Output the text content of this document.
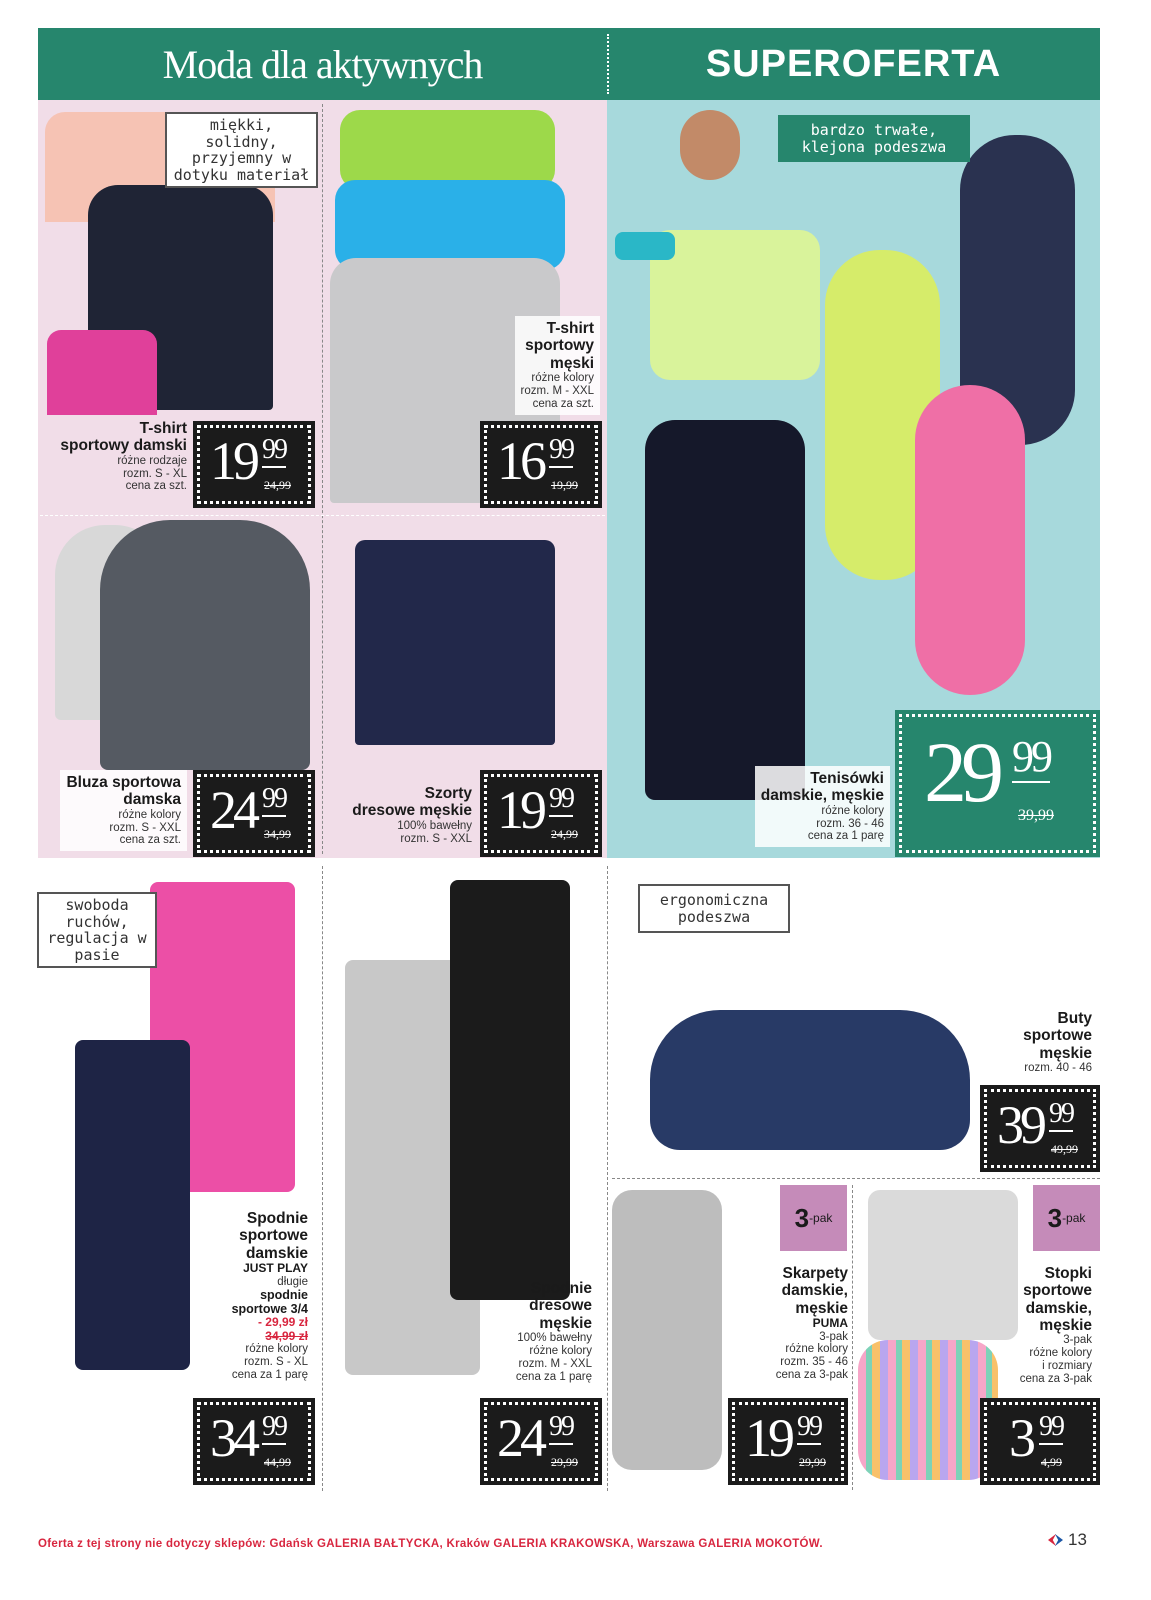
Moda dla aktywnych	SUPEROFERTA
miękki, solidny, przyjemny w dotyku materiał
bardzo trwałe, klejona podeszwa
swoboda ruchów, regulacja w pasie
ergonomiczna podeszwa
T-shirt
sportowy damski
różne rodzaje
rozm. S - XL
cena za szt. 19 99
24,99
T-shirt
sportowy
męski
różne kolory
rozm. M - XXL
cena za szt.
16 99
19,99
Bluza sportowa
damska
różne kolory
rozm. S - XXL
cena za szt.
24 99
34,99
Szorty
dresowe męskie
100% bawełny
rozm. S - XXL 19 99
24,99
Tenisówki
damskie, męskie
różne kolory
rozm. 36 - 46
cena za 1 parę
29 99
39,99
Spodnie
sportowe
damskie
JUST PLAY
długie
spodnie
sportowe 3/4
- 29,99 zł
34,99 zł
różne kolory
rozm. S - XL
cena za 1 parę
34 99
44,99
Spodnie
dresowe
męskie
100% bawełny
różne kolory
rozm. M - XXL
cena za 1 parę
24 99
29,99
Buty
sportowe
męskie
rozm. 40 - 46
39 99
49,99
Skarpety
damskie,
męskie
PUMA
3-pak
różne kolory
rozm. 35 - 46
cena za 3-pak
19 99
29,99
3 -pak
Stopki
sportowe
damskie,
męskie
3-pak
różne kolory
i rozmiary
cena za 3-pak
3 99
4,99
3 -pak
Oferta z tej strony nie dotyczy sklepów: Gdańsk GALERIA BAŁTYCKA, Kraków GALERIA KRAKOWSKA, Warszawa GALERIA MOKOTÓW.	13
